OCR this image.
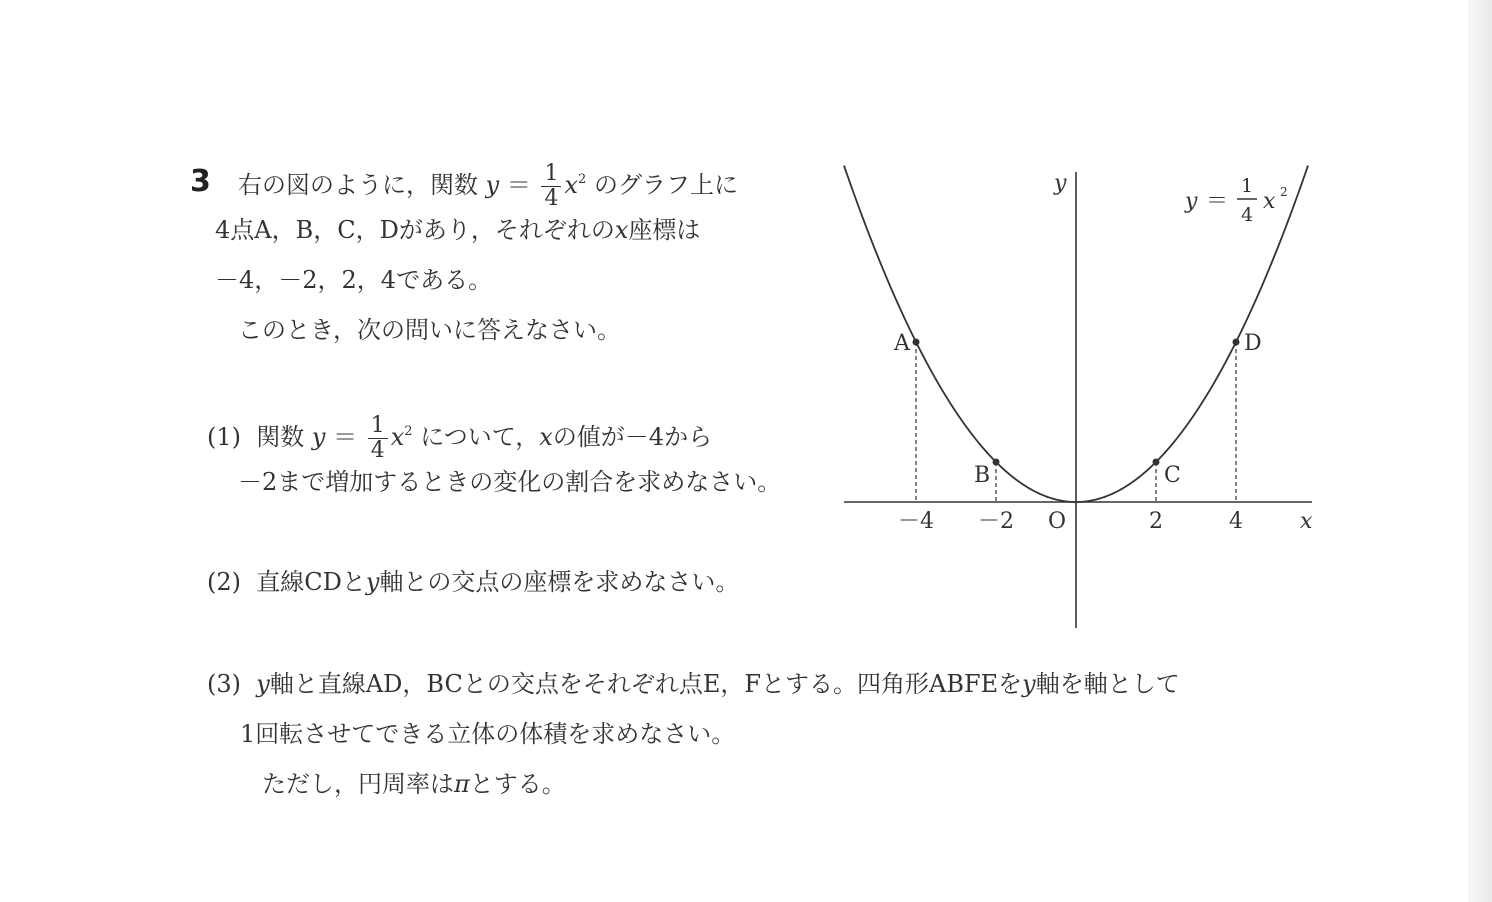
3 右の図のように，関数 $y = \frac{1}{4} x^2$ のグラフ上に
4点A，B，C，Dがあり，それぞれのx座標は
－4，－2，2，4である。
このとき，次の問いに答えなさい。
(1) 関数 $y = \frac{1}{4} x^2$ について，xの値が－4から
－2まで増加するときの変化の割合を求めなさい。
(2) 直線CDとy軸との交点の座標を求めなさい。
(3) y軸と直線AD，BCとの交点をそれぞれ点E，Fとする。四角形ABFEをy軸を軸として
1回転させてできる立体の体積を求めなさい。
ただし，円周率はπとする。
A
B	C
D
－4 －2	2	4	x
y
O
y ＝
1
4
x 2
